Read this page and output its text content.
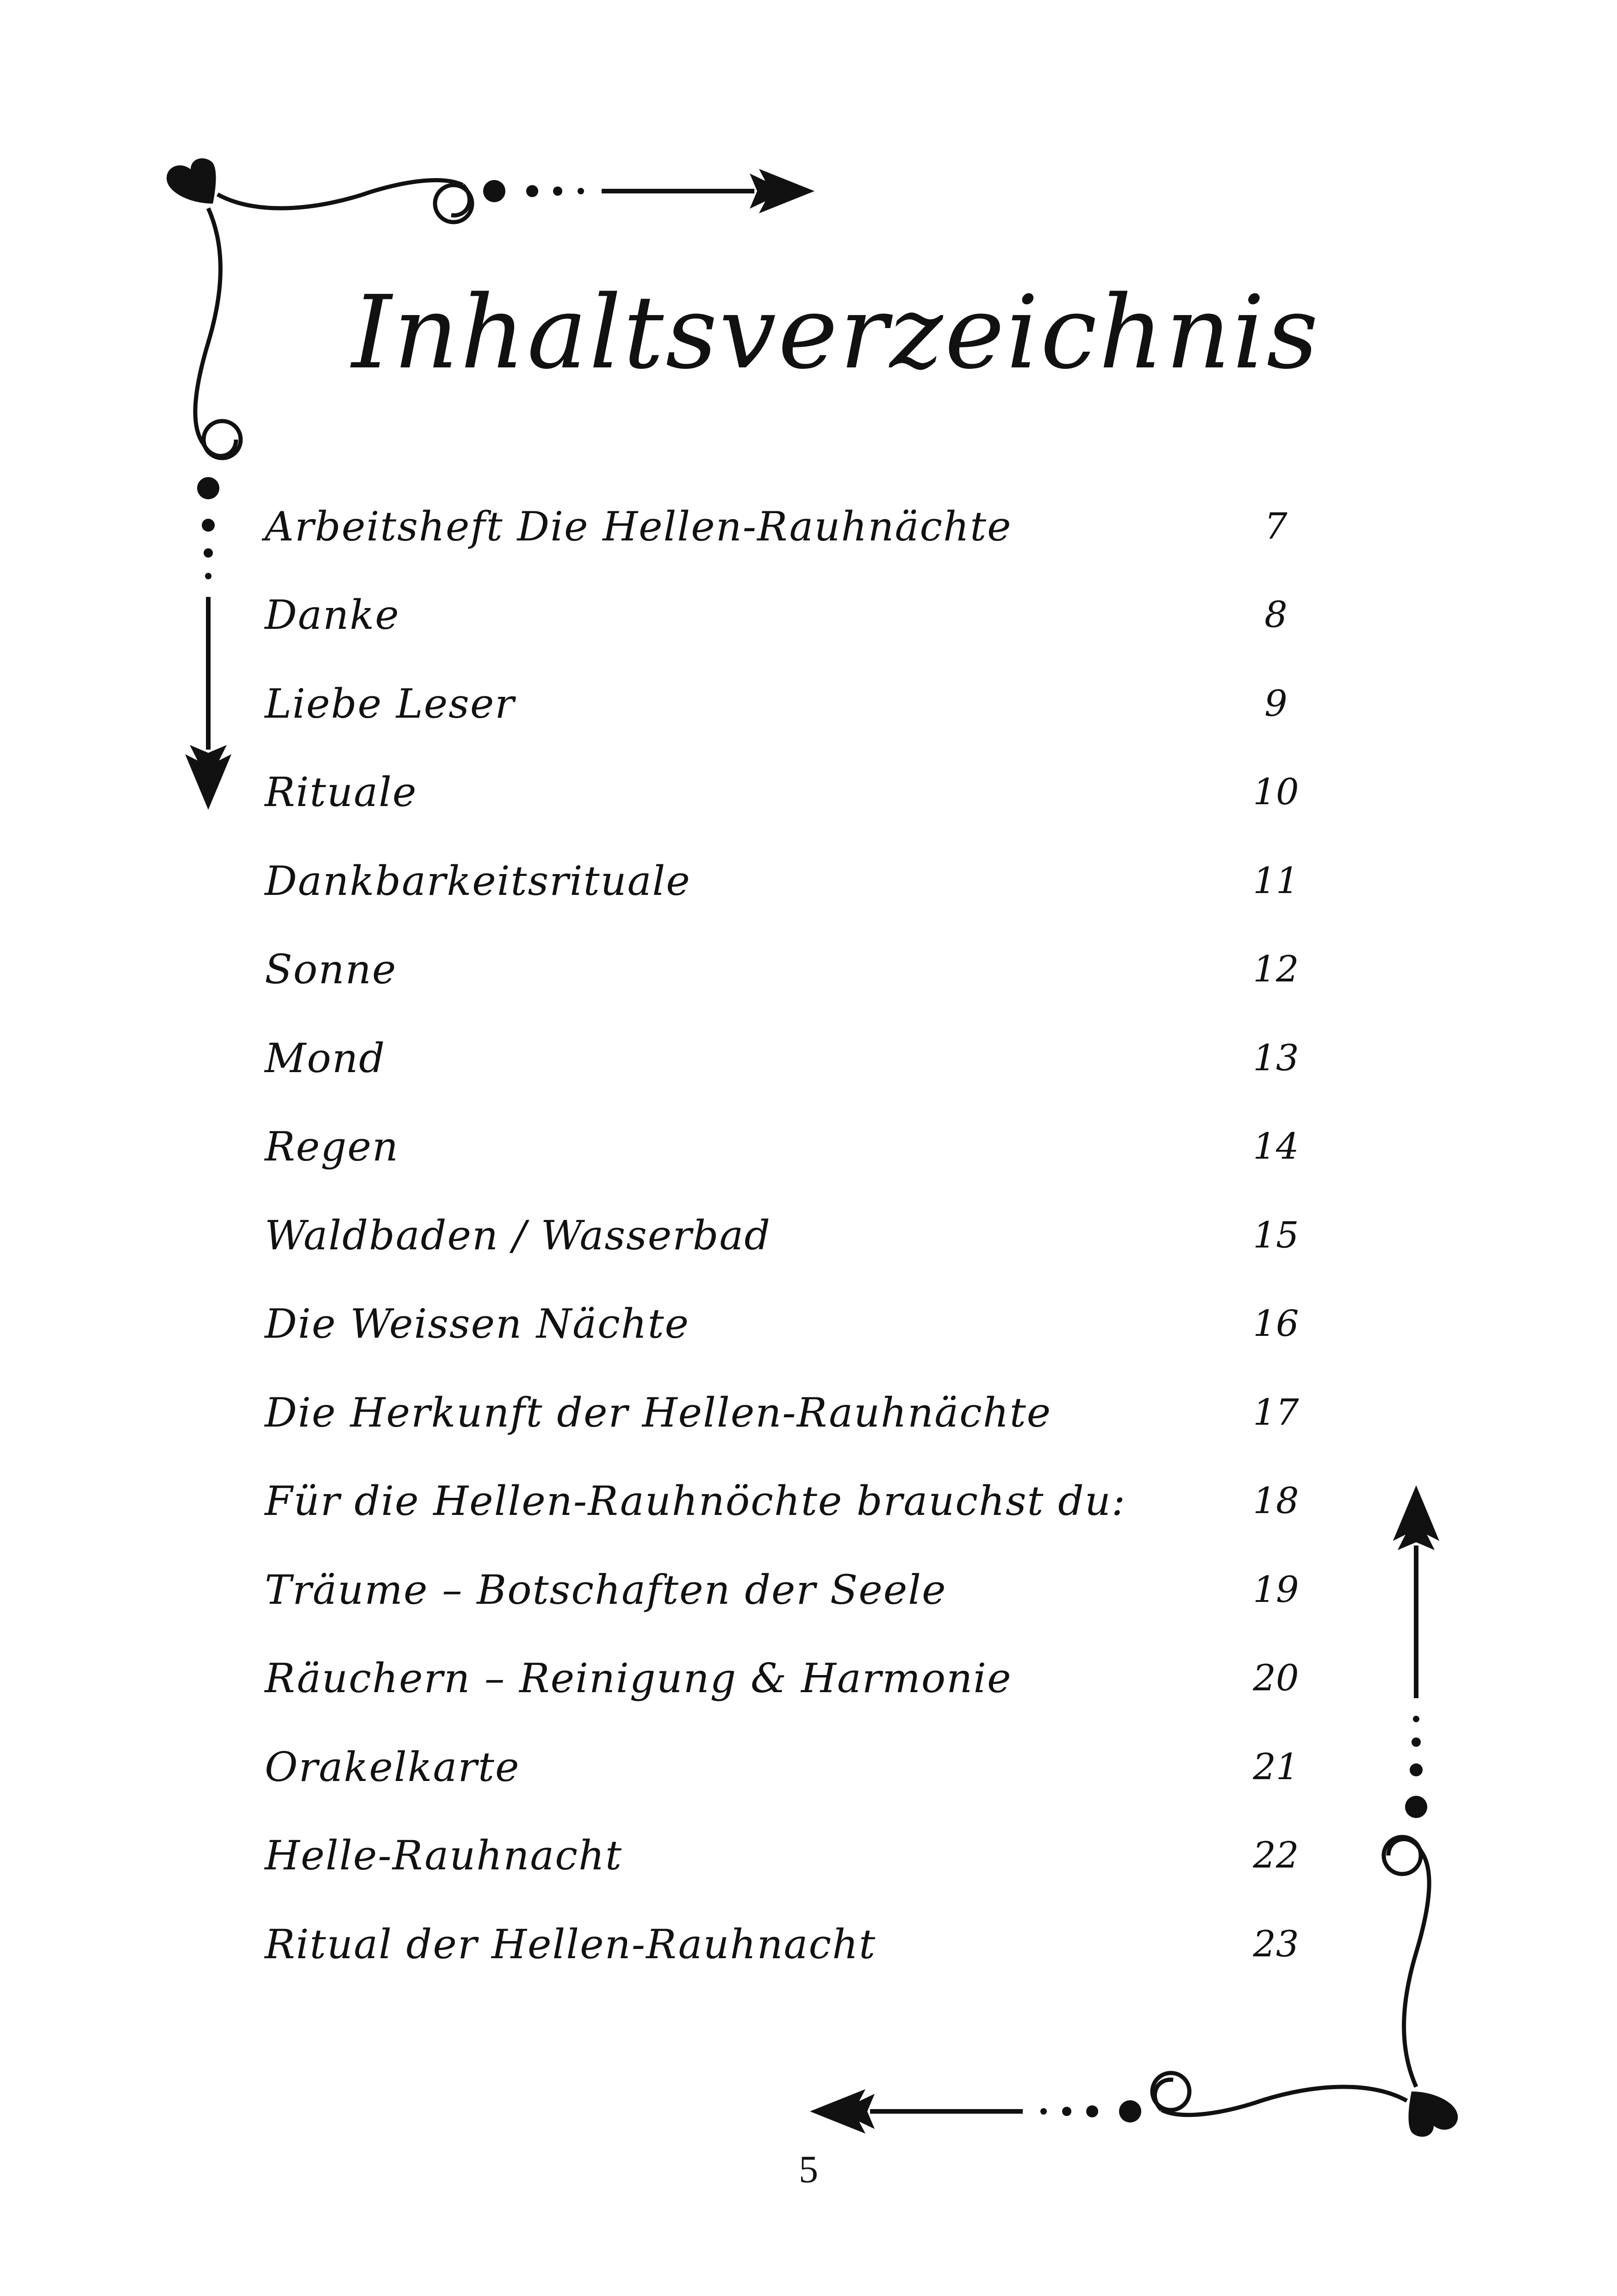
Inhaltsverzeichnis
Arbeitsheft Die Hellen-Rauhnächte	7
Danke	8
Liebe Leser	9
Rituale	10
Dankbarkeitsrituale	11
Sonne	12
Mond	13
Regen	14
Waldbaden / Wasserbad	15
Die Weissen Nächte	16
Die Herkunft der Hellen-Rauhnächte	17
Für die Hellen-Rauhnöchte brauchst du:	18
Träume – Botschaften der Seele	19
Räuchern – Reinigung & Harmonie	20
Orakelkarte	21
Helle-Rauhnacht	22
Ritual der Hellen-Rauhnacht	23
5
